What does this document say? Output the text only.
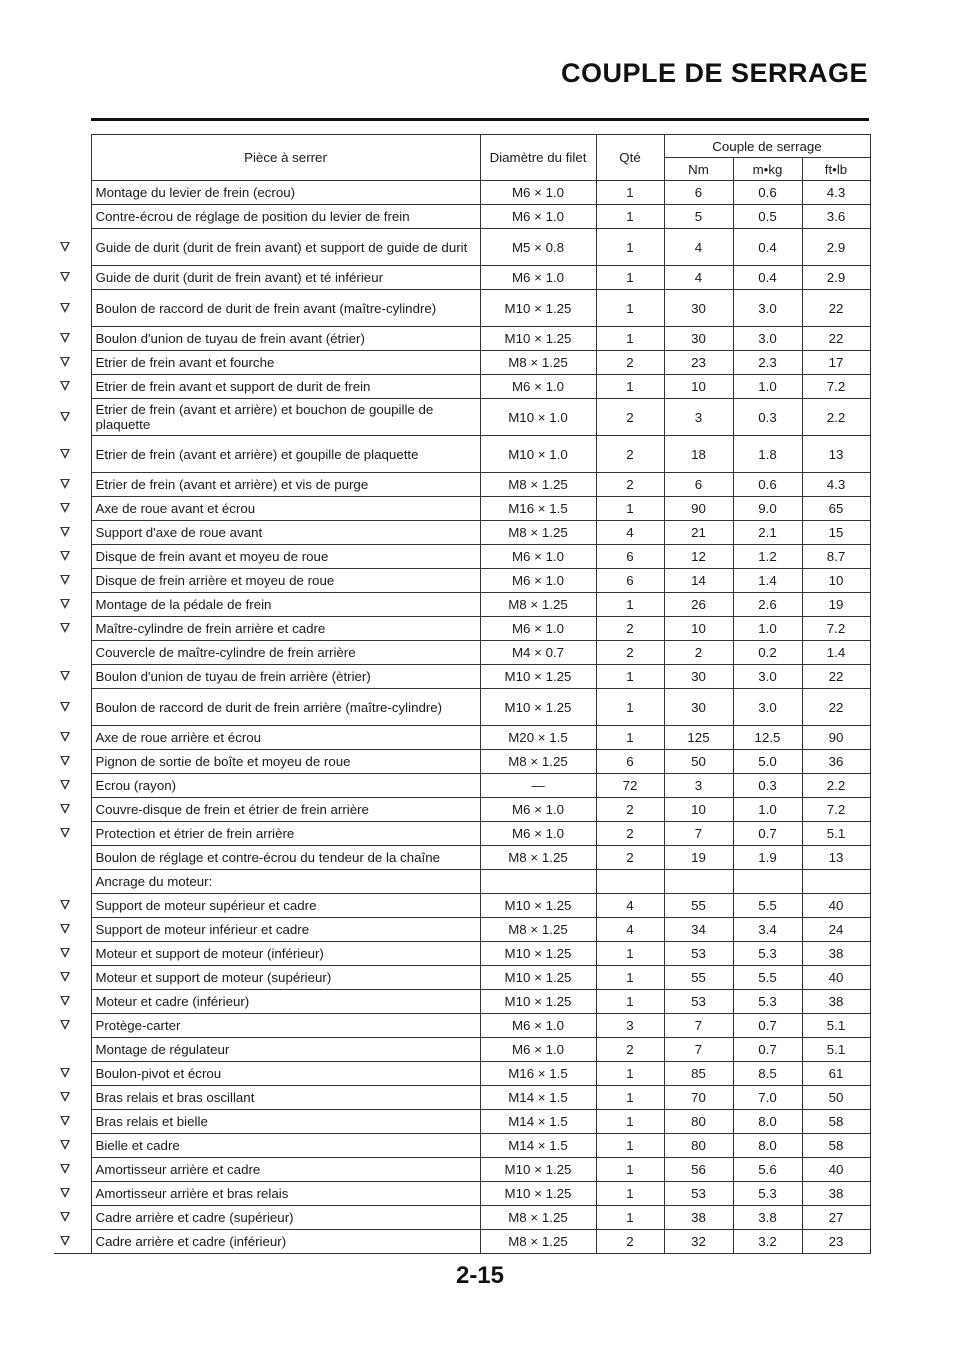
COUPLE DE SERRAGE
	Pièce à serrer	Diamètre du filet	Qté	Couple de serrage		
				Nm	m•kg	ft•lb
	Montage du levier de frein (ecrou)	M6 × 1.0	1	6	0.6	4.3
	Contre-écrou de réglage de position du levier de frein	M6 × 1.0	1	5	0.5	3.6
	Guide de durit (durit de frein avant) et support de guide de durit	M5 × 0.8	1	4	0.4	2.9
	Guide de durit (durit de frein avant) et té inférieur	M6 × 1.0	1	4	0.4	2.9
	Boulon de raccord de durit de frein avant (maître-cylindre)	M10 × 1.25	1	30	3.0	22
	Boulon d'union de tuyau de frein avant (étrier)	M10 × 1.25	1	30	3.0	22
	Etrier de frein avant et fourche	M8 × 1.25	2	23	2.3	17
	Etrier de frein avant et support de durit de frein	M6 × 1.0	1	10	1.0	7.2
	Etrier de frein (avant et arrière) et bouchon de goupille de plaquette	M10 × 1.0	2	3	0.3	2.2
	Etrier de frein (avant et arrière) et goupille de plaquette	M10 × 1.0	2	18	1.8	13
	Etrier de frein (avant et arrière) et vis de purge	M8 × 1.25	2	6	0.6	4.3
	Axe de roue avant et écrou	M16 × 1.5	1	90	9.0	65
	Support d'axe de roue avant	M8 × 1.25	4	21	2.1	15
	Disque de frein avant et moyeu de roue	M6 × 1.0	6	12	1.2	8.7
	Disque de frein arrière et moyeu de roue	M6 × 1.0	6	14	1.4	10
	Montage de la pédale de frein	M8 × 1.25	1	26	2.6	19
	Maître-cylindre de frein arrière et cadre	M6 × 1.0	2	10	1.0	7.2
	Couvercle de maître-cylindre de frein arrière	M4 × 0.7	2	2	0.2	1.4
	Boulon d'union de tuyau de frein arrière (ètrier)	M10 × 1.25	1	30	3.0	22
	Boulon de raccord de durit de frein arrière (maître-cylindre)	M10 × 1.25	1	30	3.0	22
	Axe de roue arrière et écrou	M20 × 1.5	1	125	12.5	90
	Pignon de sortie de boîte et moyeu de roue	M8 × 1.25	6	50	5.0	36
	Ecrou (rayon)	—	72	3	0.3	2.2
	Couvre-disque de frein et étrier de frein arrière	M6 × 1.0	2	10	1.0	7.2
	Protection et étrier de frein arrière	M6 × 1.0	2	7	0.7	5.1
	Boulon de réglage et contre-écrou du tendeur de la chaîne	M8 × 1.25	2	19	1.9	13
	Ancrage du moteur:					
	Support de moteur supérieur et cadre	M10 × 1.25	4	55	5.5	40
	Support de moteur inférieur et cadre	M8 × 1.25	4	34	3.4	24
	Moteur et support de moteur (inférieur)	M10 × 1.25	1	53	5.3	38
	Moteur et support de moteur (supérieur)	M10 × 1.25	1	55	5.5	40
	Moteur et cadre (inférieur)	M10 × 1.25	1	53	5.3	38
	Protège-carter	M6 × 1.0	3	7	0.7	5.1
	Montage de régulateur	M6 × 1.0	2	7	0.7	5.1
	Boulon-pivot et écrou	M16 × 1.5	1	85	8.5	61
	Bras relais et bras oscillant	M14 × 1.5	1	70	7.0	50
	Bras relais et bielle	M14 × 1.5	1	80	8.0	58
	Bielle et cadre	M14 × 1.5	1	80	8.0	58
	Amortisseur arrière et cadre	M10 × 1.25	1	56	5.6	40
	Amortisseur arrière et bras relais	M10 × 1.25	1	53	5.3	38
	Cadre arrière et cadre (supérieur)	M8 × 1.25	1	38	3.8	27
	Cadre arrière et cadre (inférieur)	M8 × 1.25	2	32	3.2	23

2-15
